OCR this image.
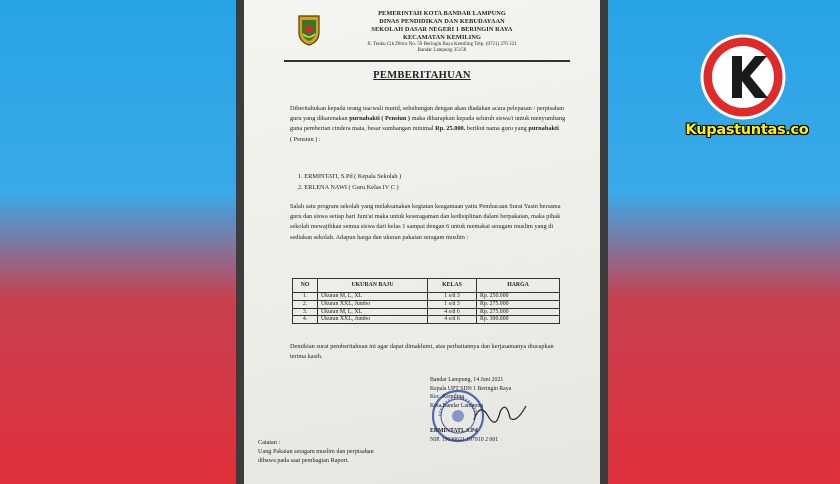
PEMERINTAH KOTA BANDAR LAMPUNG
DINAS PENDIDIKAN DAN KEBUDAYAAN
SEKOLAH DASAR NEGERI 1 BERINGIN RAYA
KECAMATAN KEMILING
Jl. Teuku Cik Ditiro No. 59 Beringin Raya Kemiling Telp. (0721) 270 221
Bandar Lampung 35158
PEMBERITAHUAN
Diberitahukan kepada orang tua/wali murid, sehubungan dengan akan diadakan acara pelepasan / perpisahan guru yang dikarenakan purnabakti ( Pensiun ) maka diharapkan kepada seluruh siswa/i untuk menyumbang guna pemberian cindera mata, besar sumbangan minimal Rp. 25.000. berikut nama guru yang purnabakti
( Pensiun ) :
1. ERMINTATI, S.Pd ( Kepala Sekolah )
2. ERLENA NAWI ( Guru Kelas IV C )
Salah satu program sekolah yang melaksanakan kegiatan keagamaan yaitu Pembacaan Surat Yasin bersama guru dan siswa setiap hari Jum'at maka untuk keseragaman dan kedisiplinan dalam berpakaian, maka pihak sekolah mewajibkan semua siswa dari kelas 1 sampai dengan 6 untuk memakai seragam muslim yang di sediakan sekolah. Adapun harga dan ukuran pakaian seragam muslim :
NO	UKURAN BAJU	KELAS	HARGA
1.	Ukuran M, L, XL	1 s/d 3	Rp. 250.000
2.	Ukuran XXL, Jumbo	1 s/d 3	Rp. 275.000
3.	Ukuran M, L, XL	4 s/d 6	Rp. 275.000
4.	Ukuran XXL, Jumbo	4 s/d 6	Rp. 300.000
Demikian surat pemberitahuan ini agar dapat dimaklumi, atas perhatiannya dan kerjasamanya diucapkan terima kasih.
Bandar Lampung, 14 Juni 2021
Kepala UPT SDN 1 Beringin Raya
Kec. Kemiling
Kota Bandar Lampung
ERMINTATI, S.Pd
NIP. 19630621 197910 2 001
Catatan :
Uang Pakaian seragam muslim dan perpisahan
dibawa pada saat pembagian Raport.
Kupastuntas.co
